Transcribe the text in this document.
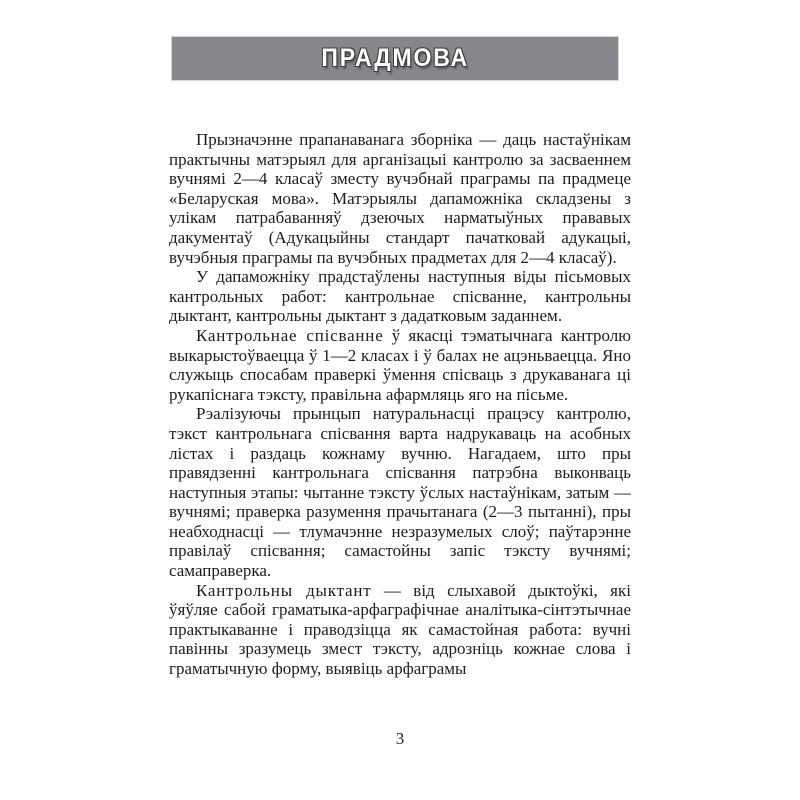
ПРАДМОВА

Прызначэнне прапанаванага зборніка — даць настаўнікам практычны матэрыял для арганізацыі кантролю за засваеннем вучнямі 2—4 класаў зместу вучэбнай праграмы па прадмеце «Беларуская мова». Матэрыялы дапаможніка складзены з улікам патрабаванняў дзеючых нарматыўных прававых дакументаў (Адукацыйны стандарт пачатковай адукацыі, вучэбныя праграмы па вучэбных прадметах для 2—4 класаў).

У дапаможніку прадстаўлены наступныя віды пісьмовых кантрольных работ: кантрольнае спісванне, кантрольны дыктант, кантрольны дыктант з дадатковым заданнем.

Кантрольнае спісванне ў якасці тэматычнага кантролю выкарыстоўваецца ў 1—2 класах і ў балах не ацэньваецца. Яно служыць спосабам праверкі ўмення спісваць з друкаванага ці рукапіснага тэксту, правільна афармляць яго на пісьме.

Рэалізуючы прынцып натуральнасці працэсу кантролю, тэкст кантрольнага спісвання варта надрукаваць на асобных лістах і раздаць кожнаму вучню. Нагадаем, што пры правядзенні кантрольнага спісвання патрэбна выконваць наступныя этапы: чытанне тэксту ўслых настаўнікам, затым — вучнямі; праверка разумення прачытанага (2—3 пытанні), пры неабходнасці — тлумачэнне незразумелых слоў; паўтарэнне правілаў спісвання; самастойны запіс тэксту вучнямі; самаправерка.

Кантрольны дыктант — від слыхавой дыктоўкі, які ўяўляе сабой граматыка-арфаграфічнае аналітыка-сінтэтычнае практыкаванне і праводзіцца як самастойная работа: вучні павінны зразумець змест тэксту, адрозніць кожнае слова і граматычную форму, выявіць арфаграмы

3
